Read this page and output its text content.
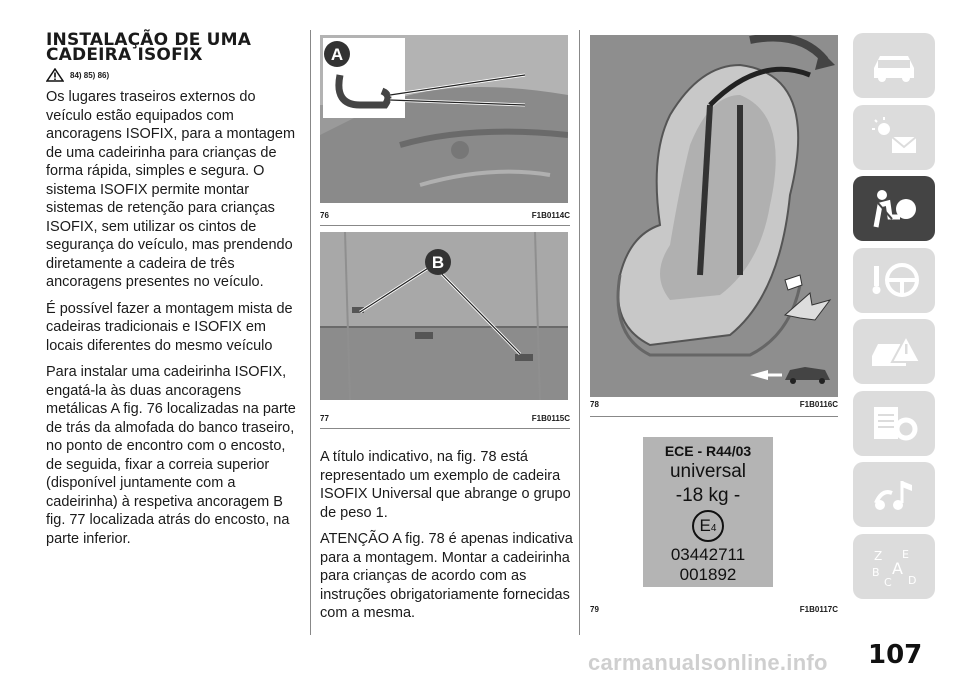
INSTALAÇÃO DE UMA
CADEIRA ISOFIX
84) 85) 86)

Os lugares traseiros externos do veículo estão equipados com ancoragens ISOFIX, para a montagem de uma cadeirinha para crianças de forma rápida, simples e segura. O sistema ISOFIX permite montar sistemas de retenção para crianças ISOFIX, sem utilizar os cintos de segurança do veículo, mas prendendo diretamente a cadeira de três ancoragens presentes no veículo.

É possível fazer a montagem mista de cadeiras tradicionais e ISOFIX em locais diferentes do mesmo veículo

Para instalar uma cadeirinha ISOFIX, engatá-la às duas ancoragens metálicas A fig. 76 localizadas na parte de trás da almofada do banco traseiro, no ponto de encontro com o encosto, de seguida, fixar a correia superior (disponível juntamente com a cadeirinha) à respetiva ancoragem B fig. 77 localizada atrás do encosto, na parte inferior.

A
76	F1B0114C
B
77	F1B0115C

A título indicativo, na fig. 78 está representado um exemplo de cadeira ISOFIX Universal que abrange o grupo de peso 1.

ATENÇÃO A fig. 78 é apenas indicativa para a montagem. Montar a cadeirinha para crianças de acordo com as instruções obrigatoriamente fornecidas com a mesma.

78	F1B0116C
ECE - R44/03
universal
-18 kg -
E4
03442711
001892
79	F1B0117C
Z E
B A
C D
107
carmanualsonline.info
